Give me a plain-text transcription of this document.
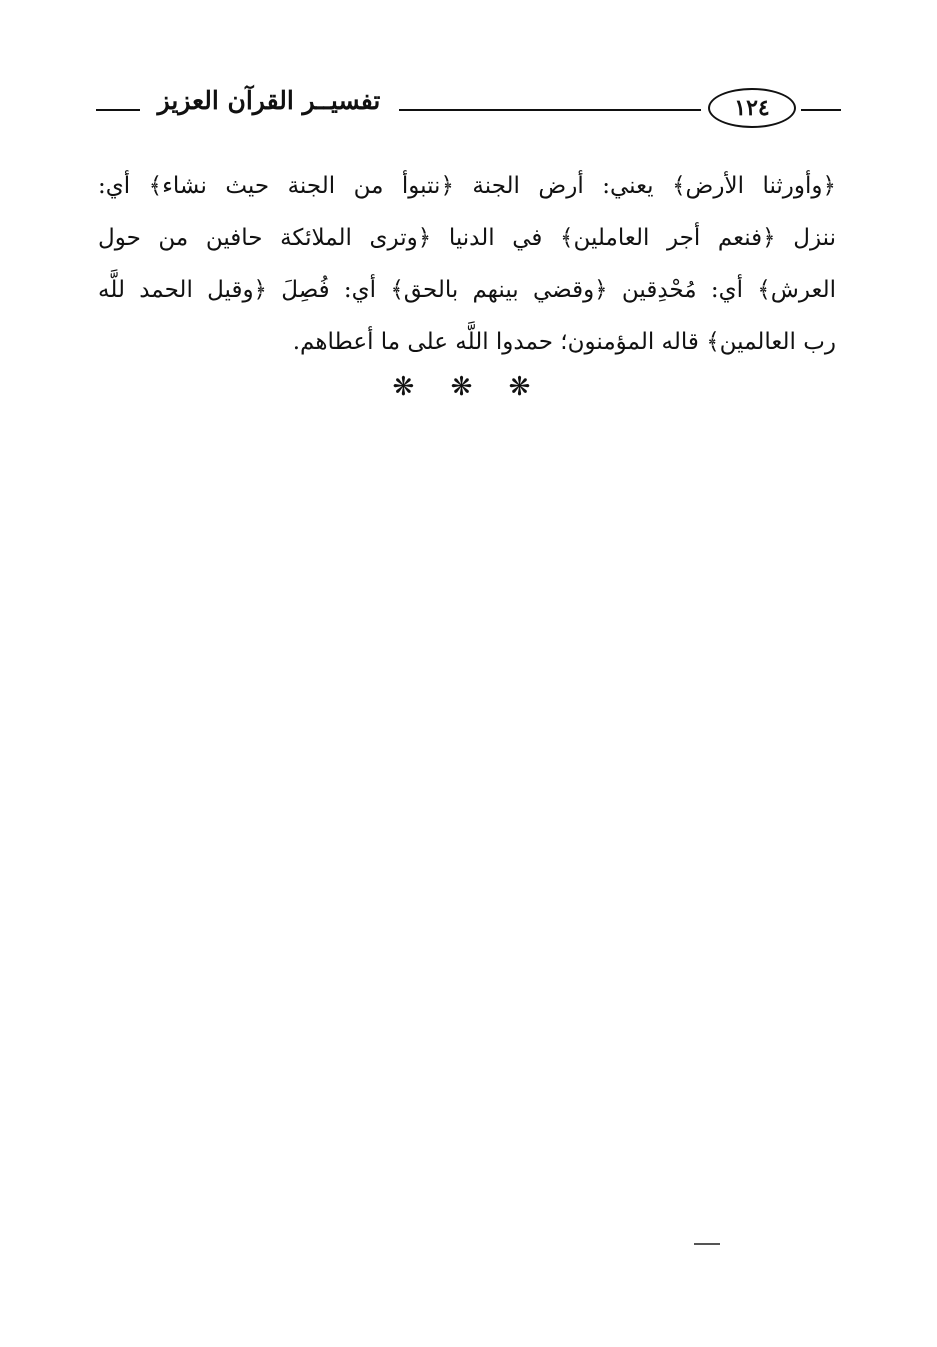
تفسيــر القرآن العزيز	١٢٤
﴿وأورثنا الأرض﴾ يعني: أرض الجنة ﴿نتبوأ من الجنة حيث نشاء﴾ أي:
ننزل ﴿فنعم أجر العاملين﴾ في الدنيا ﴿وترى الملائكة حافين من حول
العرش﴾ أي: مُحْدِقين ﴿وقضي بينهم بالحق﴾ أي: فُصِلَ ﴿وقيل الحمد للَّه
رب العالمين﴾ قاله المؤمنون؛ حمدوا اللَّه على ما أعطاهم.
❋ ❋ ❋
